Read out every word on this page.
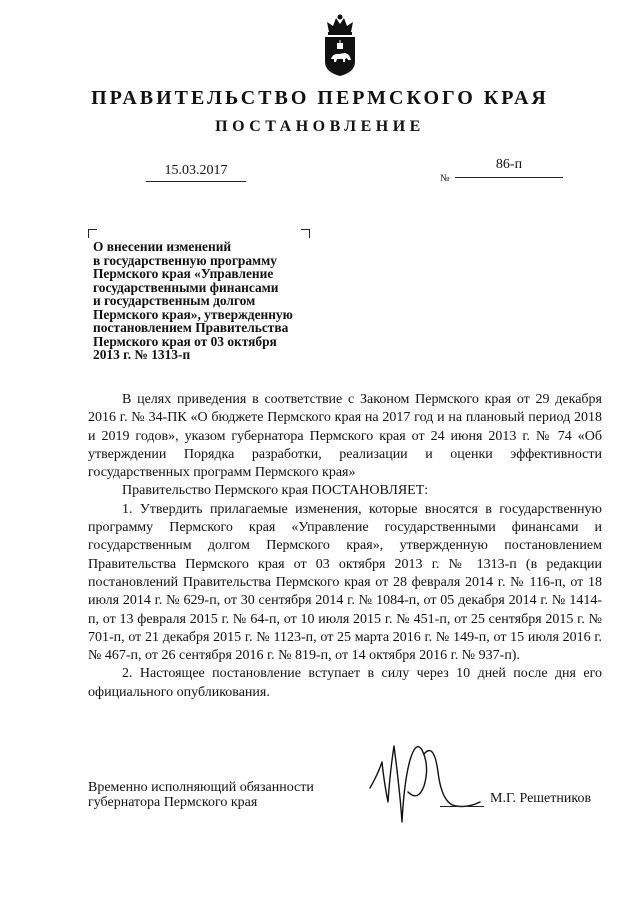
ПРАВИТЕЛЬСТВО ПЕРМСКОГО КРАЯ
ПОСТАНОВЛЕНИЕ
15.03.2017
№
86-п
О внесении изменений
в государственную программу
Пермского края «Управление
государственными финансами
и государственным долгом
Пермского края», утвержденную
постановлением Правительства
Пермского края от 03 октября
2013 г. № 1313-п

В целях приведения в соответствие с Законом Пермского края от 29 декабря 2016 г. № 34-ПК «О бюджете Пермского края на 2017 год и на плановый период 2018 и 2019 годов», указом губернатора Пермского края от 24 июня 2013 г. № 74 «Об утверждении Порядка разработки, реализации и оценки эффективности государственных программ Пермского края»

Правительство Пермского края ПОСТАНОВЛЯЕТ:

1. Утвердить прилагаемые изменения, которые вносятся в государственную программу Пермского края «Управление государственными финансами и государственным долгом Пермского края», утвержденную постановлением Правительства Пермского края от 03 октября 2013 г. № 1313-п (в редакции постановлений Правительства Пермского края от 28 февраля 2014 г. № 116-п, от 18 июля 2014 г. № 629-п, от 30 сентября 2014 г. № 1084-п, от 05 декабря 2014 г. № 1414-п, от 13 февраля 2015 г. № 64-п, от 10 июля 2015 г. № 451-п, от 25 сентября 2015 г. № 701-п, от 21 декабря 2015 г. № 1123-п, от 25 марта 2016 г. № 149-п, от 15 июля 2016 г. № 467-п, от 26 сентября 2016 г. № 819-п, от 14 октября 2016 г. № 937-п).

2. Настоящее постановление вступает в силу через 10 дней после дня его официального опубликования.

Временно исполняющий обязанности
губернатора Пермского края	М.Г. Решетников
